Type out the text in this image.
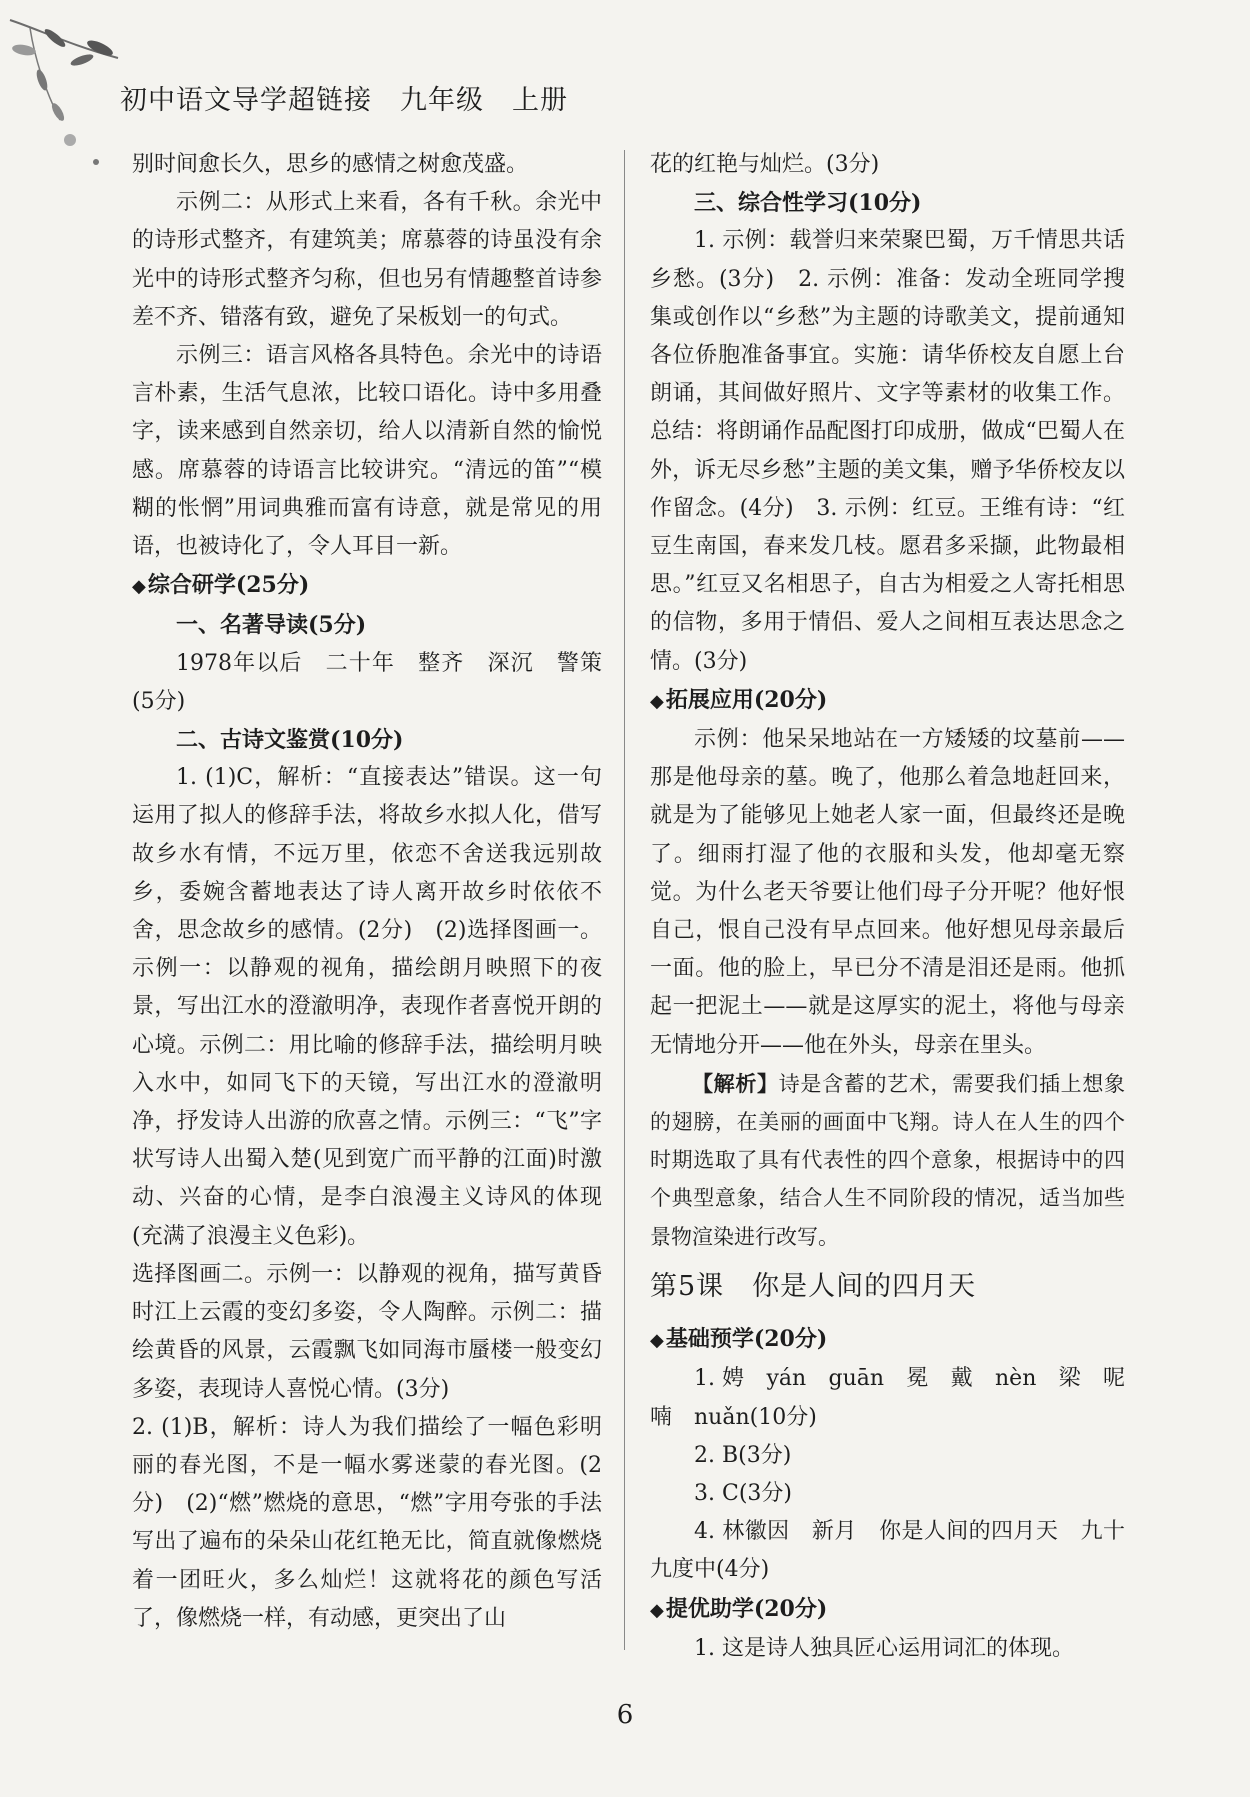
初中语文导学超链接　九年级　上册

别时间愈长久，思乡的感情之树愈茂盛。

示例二：从形式上来看，各有千秋。余光中的诗形式整齐，有建筑美；席慕蓉的诗虽没有余光中的诗形式整齐匀称，但也另有情趣整首诗参差不齐、错落有致，避免了呆板划一的句式。

示例三：语言风格各具特色。余光中的诗语言朴素，生活气息浓，比较口语化。诗中多用叠字，读来感到自然亲切，给人以清新自然的愉悦感。席慕蓉的诗语言比较讲究。“清远的笛”“模糊的怅惘”用词典雅而富有诗意，就是常见的用语，也被诗化了，令人耳目一新。

◆综合研学(25分)

一、名著导读(5分)

1978年以后　二十年　整齐　深沉　警策(5分)

二、古诗文鉴赏(10分)

1. (1)C，解析：“直接表达”错误。这一句运用了拟人的修辞手法，将故乡水拟人化，借写故乡水有情，不远万里，依恋不舍送我远别故乡，委婉含蓄地表达了诗人离开故乡时依依不舍，思念故乡的感情。(2分)　(2)选择图画一。示例一：以静观的视角，描绘朗月映照下的夜景，写出江水的澄澈明净，表现作者喜悦开朗的心境。示例二：用比喻的修辞手法，描绘明月映入水中，如同飞下的天镜，写出江水的澄澈明净，抒发诗人出游的欣喜之情。示例三：“飞”字状写诗人出蜀入楚(见到宽广而平静的江面)时激动、兴奋的心情，是李白浪漫主义诗风的体现(充满了浪漫主义色彩)。

选择图画二。示例一：以静观的视角，描写黄昏时江上云霞的变幻多姿，令人陶醉。示例二：描绘黄昏的风景，云霞飘飞如同海市蜃楼一般变幻多姿，表现诗人喜悦心情。(3分)

2. (1)B，解析：诗人为我们描绘了一幅色彩明丽的春光图，不是一幅水雾迷蒙的春光图。(2分)　(2)“燃”燃烧的意思，“燃”字用夸张的手法写出了遍布的朵朵山花红艳无比，简直就像燃烧着一团旺火，多么灿烂！这就将花的颜色写活了，像燃烧一样，有动感，更突出了山

花的红艳与灿烂。(3分)

三、综合性学习(10分)

1. 示例：载誉归来荣聚巴蜀，万千情思共话乡愁。(3分)　2. 示例：准备：发动全班同学搜集或创作以“乡愁”为主题的诗歌美文，提前通知各位侨胞准备事宜。实施：请华侨校友自愿上台朗诵，其间做好照片、文字等素材的收集工作。总结：将朗诵作品配图打印成册，做成“巴蜀人在外，诉无尽乡愁”主题的美文集，赠予华侨校友以作留念。(4分)　3. 示例：红豆。王维有诗：“红豆生南国，春来发几枝。愿君多采撷，此物最相思。”红豆又名相思子，自古为相爱之人寄托相思的信物，多用于情侣、爱人之间相互表达思念之情。(3分)

◆拓展应用(20分)

示例：他呆呆地站在一方矮矮的坟墓前——那是他母亲的墓。晚了，他那么着急地赶回来，就是为了能够见上她老人家一面，但最终还是晚了。细雨打湿了他的衣服和头发，他却毫无察觉。为什么老天爷要让他们母子分开呢？他好恨自己，恨自己没有早点回来。他好想见母亲最后一面。他的脸上，早已分不清是泪还是雨。他抓起一把泥土——就是这厚实的泥土，将他与母亲无情地分开——他在外头，母亲在里头。

【解析】诗是含蓄的艺术，需要我们插上想象的翅膀，在美丽的画面中飞翔。诗人在人生的四个时期选取了具有代表性的四个意象，根据诗中的四个典型意象，结合人生不同阶段的情况，适当加些景物渲染进行改写。

第5课　你是人间的四月天

◆基础预学(20分)

1. 娉　yán　guān　冕　戴　nèn　梁　呢　喃　nuǎn(10分)

2. B(3分)

3. C(3分)

4. 林徽因　新月　你是人间的四月天　九十九度中(4分)

◆提优助学(20分)

1. 这是诗人独具匠心运用词汇的体现。

6
